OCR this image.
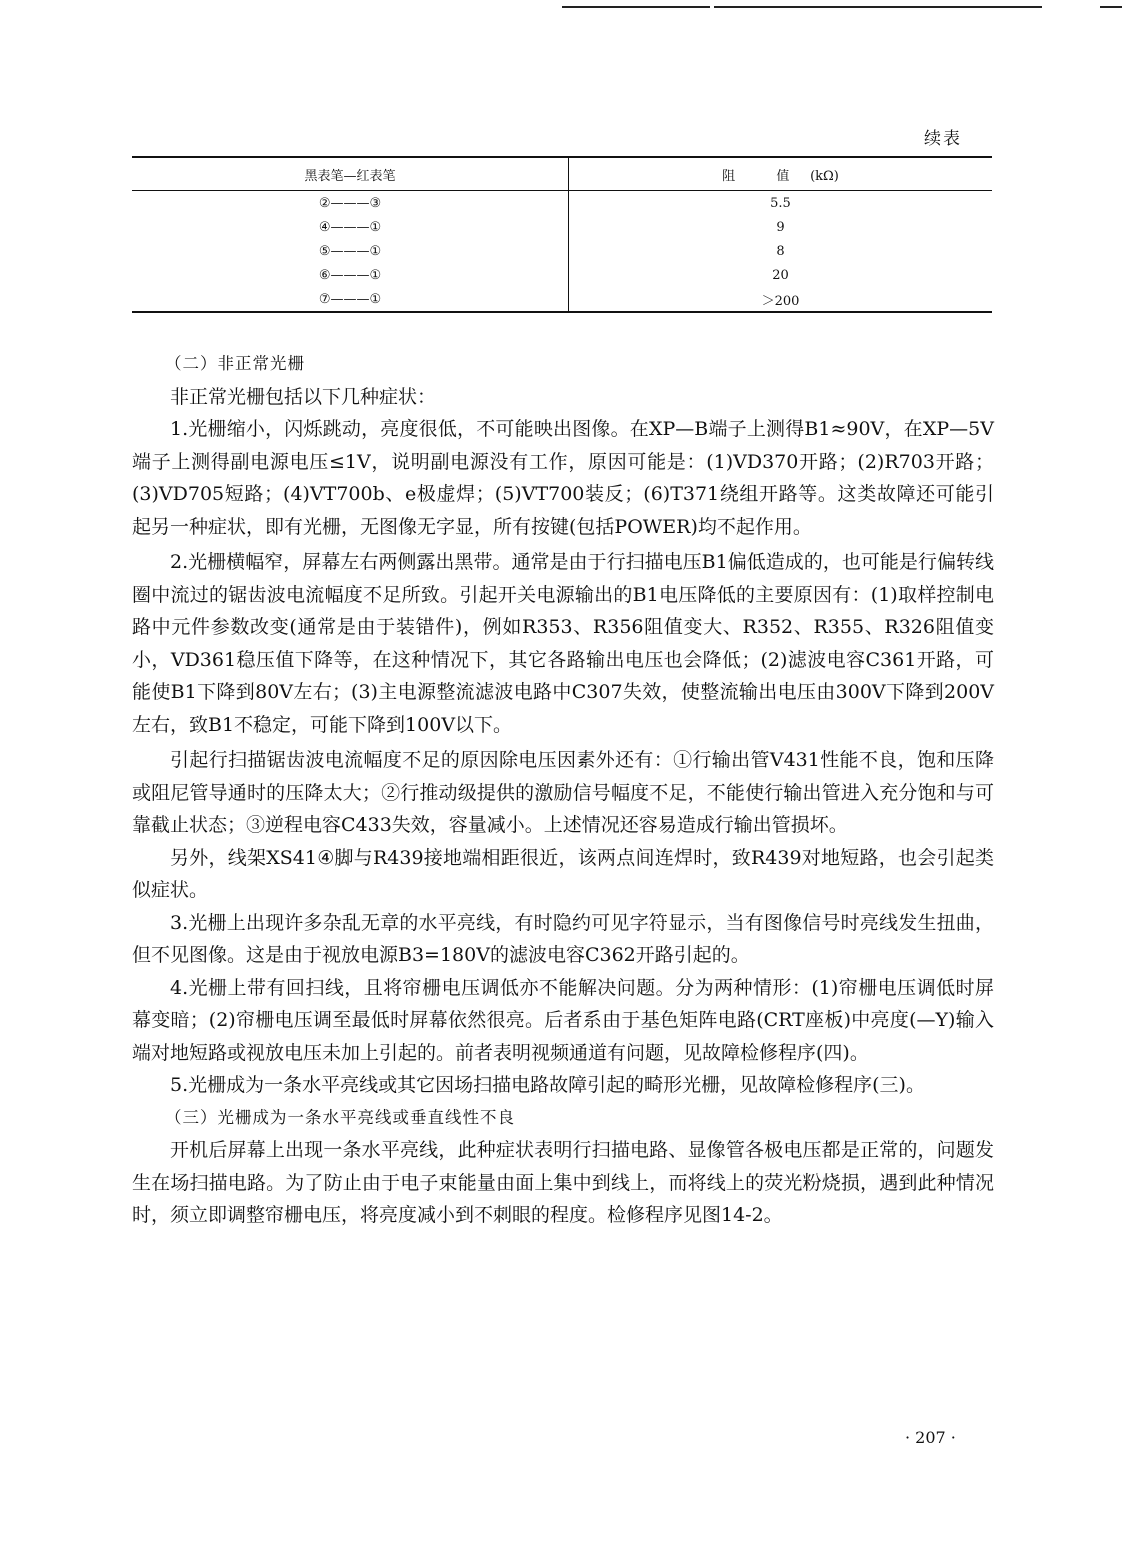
续表
黑表笔—红表笔	阻          值     (kΩ)
②———③	5.5
④———①	9
⑤———①	8
⑥———①	20
⑦———①	＞200

（二）非正常光栅

非正常光栅包括以下几种症状：

1.光栅缩小，闪烁跳动，亮度很低，不可能映出图像。在XP—B端子上测得B1≈90V，在XP—5V端子上测得副电源电压≤1V，说明副电源没有工作，原因可能是：(1)VD370开路；(2)R703开路；(3)VD705短路；(4)VT700b、e极虚焊；(5)VT700装反；(6)T371绕组开路等。这类故障还可能引起另一种症状，即有光栅，无图像无字显，所有按键(包括POWER)均不起作用。

2.光栅横幅窄，屏幕左右两侧露出黑带。通常是由于行扫描电压B1偏低造成的，也可能是行偏转线圈中流过的锯齿波电流幅度不足所致。引起开关电源输出的B1电压降低的主要原因有：(1)取样控制电路中元件参数改变(通常是由于装错件)，例如R353、R356阻值变大、R352、R355、R326阻值变小，VD361稳压值下降等，在这种情况下，其它各路输出电压也会降低；(2)滤波电容C361开路，可能使B1下降到80V左右；(3)主电源整流滤波电路中C307失效，使整流输出电压由300V下降到200V左右，致B1不稳定，可能下降到100V以下。

引起行扫描锯齿波电流幅度不足的原因除电压因素外还有：①行输出管V431性能不良，饱和压降或阻尼管导通时的压降太大；②行推动级提供的激励信号幅度不足，不能使行输出管进入充分饱和与可靠截止状态；③逆程电容C433失效，容量减小。上述情况还容易造成行输出管损坏。

另外，线架XS41④脚与R439接地端相距很近，该两点间连焊时，致R439对地短路，也会引起类似症状。

3.光栅上出现许多杂乱无章的水平亮线，有时隐约可见字符显示，当有图像信号时亮线发生扭曲，但不见图像。这是由于视放电源B3=180V的滤波电容C362开路引起的。

4.光栅上带有回扫线，且将帘栅电压调低亦不能解决问题。分为两种情形：(1)帘栅电压调低时屏幕变暗；(2)帘栅电压调至最低时屏幕依然很亮。后者系由于基色矩阵电路(CRT座板)中亮度(—Y)输入端对地短路或视放电压未加上引起的。前者表明视频通道有问题，见故障检修程序(四)。

5.光栅成为一条水平亮线或其它因场扫描电路故障引起的畸形光栅，见故障检修程序(三)。

（三）光栅成为一条水平亮线或垂直线性不良

开机后屏幕上出现一条水平亮线，此种症状表明行扫描电路、显像管各极电压都是正常的，问题发生在场扫描电路。为了防止由于电子束能量由面上集中到线上，而将线上的荧光粉烧损，遇到此种情况时，须立即调整帘栅电压，将亮度减小到不刺眼的程度。检修程序见图14-2。

· 207 ·
